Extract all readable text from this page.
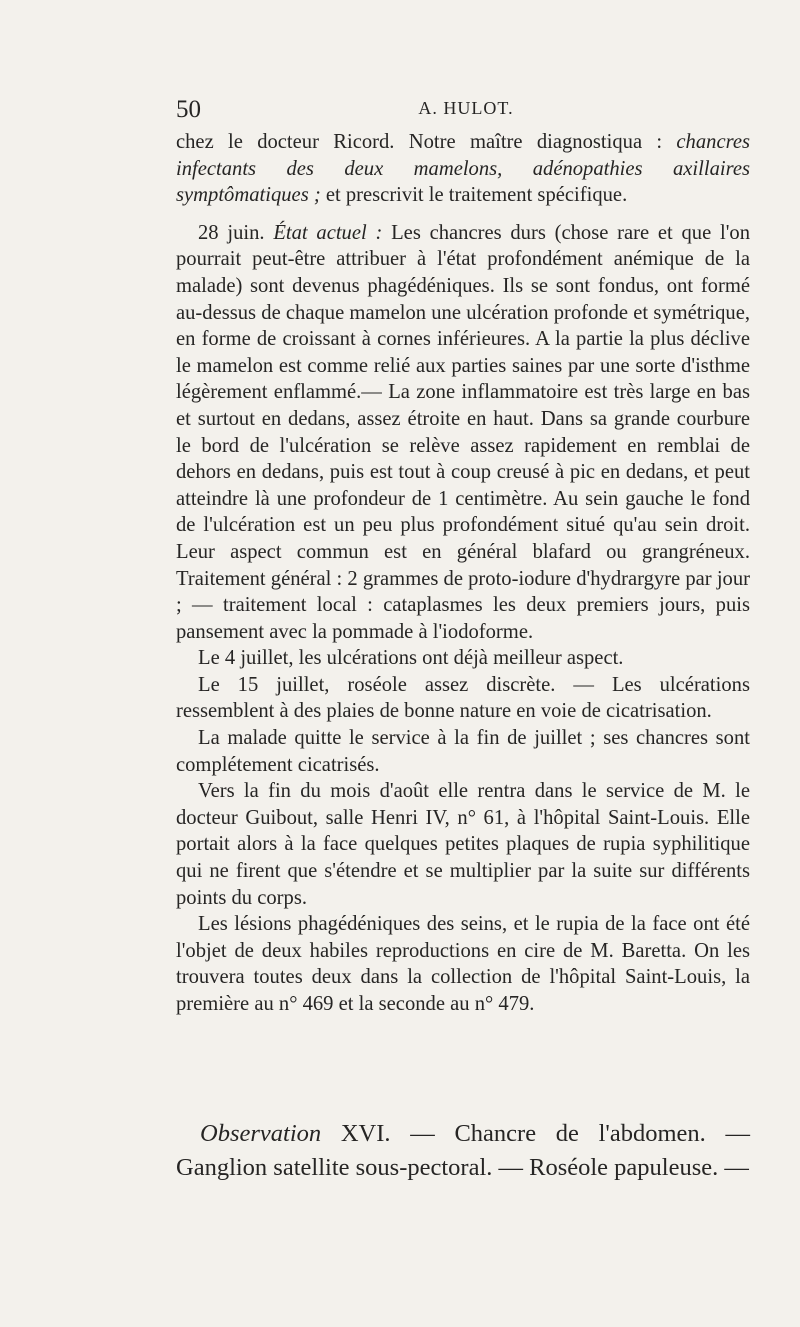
50	A. HULOT.

chez le docteur Ricord. Notre maître diagnostiqua : chancres infectants des deux mamelons, adénopathies axillaires symptômatiques ; et prescrivit le traitement spécifique.

28 juin. État actuel : Les chancres durs (chose rare et que l'on pourrait peut-être attribuer à l'état profondément anémique de la malade) sont devenus phagédéniques. Ils se sont fondus, ont formé au-dessus de chaque mamelon une ulcération profonde et symétrique, en forme de croissant à cornes inférieures. A la partie la plus déclive le mamelon est comme relié aux parties saines par une sorte d'isthme légèrement enflammé.— La zone inflammatoire est très large en bas et surtout en dedans, assez étroite en haut. Dans sa grande courbure le bord de l'ulcération se relève assez rapidement en remblai de dehors en dedans, puis est tout à coup creusé à pic en dedans, et peut atteindre là une profondeur de 1 centimètre. Au sein gauche le fond de l'ulcération est un peu plus profondément situé qu'au sein droit. Leur aspect commun est en général blafard ou grangréneux. Traitement général : 2 grammes de proto-iodure d'hydrargyre par jour ; — traitement local : cataplasmes les deux premiers jours, puis pansement avec la pommade à l'iodoforme.

Le 4 juillet, les ulcérations ont déjà meilleur aspect.

Le 15 juillet, roséole assez discrète. — Les ulcérations ressemblent à des plaies de bonne nature en voie de cicatrisation.

La malade quitte le service à la fin de juillet ; ses chancres sont complétement cicatrisés.

Vers la fin du mois d'août elle rentra dans le service de M. le docteur Guibout, salle Henri IV, n° 61, à l'hôpital Saint-Louis. Elle portait alors à la face quelques petites plaques de rupia syphilitique qui ne firent que s'étendre et se multiplier par la suite sur différents points du corps.

Les lésions phagédéniques des seins, et le rupia de la face ont été l'objet de deux habiles reproductions en cire de M. Baretta. On les trouvera toutes deux dans la collection de l'hôpital Saint-Louis, la première au n° 469 et la seconde au n° 479.

Observation XVI. — Chancre de l'abdomen. — Ganglion satellite sous-pectoral. — Roséole papuleuse. —
